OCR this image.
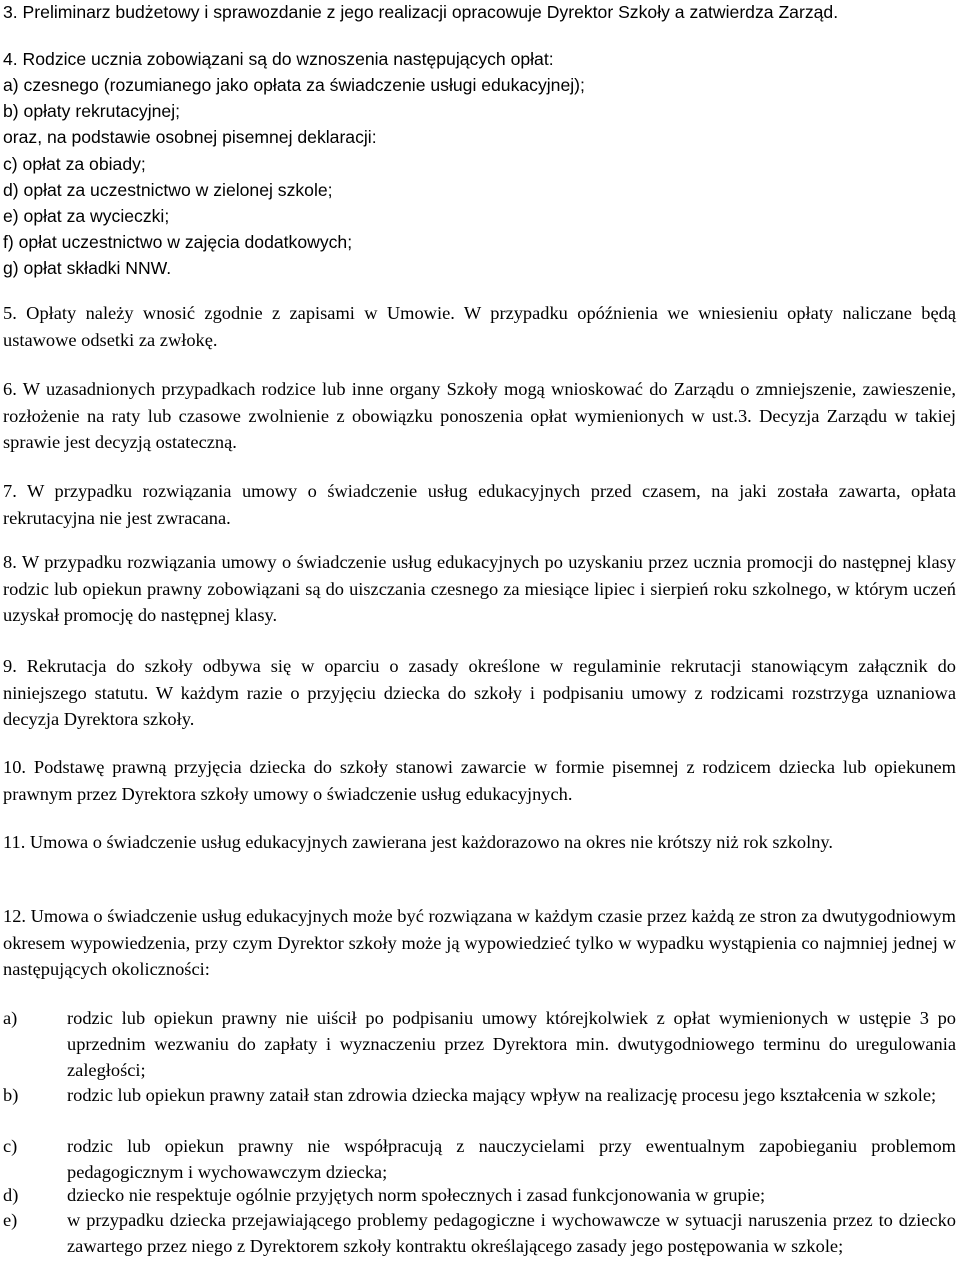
3. Preliminarz budżetowy i sprawozdanie z jego realizacji opracowuje Dyrektor Szkoły a zatwierdza Zarząd.
4. Rodzice ucznia zobowiązani są do wznoszenia następujących opłat:
a) czesnego (rozumianego jako opłata za świadczenie usługi edukacyjnej);
b) opłaty rekrutacyjnej;
oraz, na podstawie osobnej pisemnej deklaracji:
c) opłat za obiady;
d) opłat za uczestnictwo w zielonej szkole;
e) opłat za wycieczki;
f) opłat uczestnictwo w zajęcia dodatkowych;
g) opłat składki NNW.
5. Opłaty należy wnosić zgodnie z zapisami w Umowie. W przypadku opóźnienia we wniesieniu opłaty naliczane będą ustawowe odsetki za zwłokę.
6. W uzasadnionych przypadkach rodzice lub inne organy Szkoły mogą wnioskować do Zarządu o zmniejszenie, zawieszenie, rozłożenie na raty lub czasowe zwolnienie z obowiązku ponoszenia opłat wymienionych w ust.3. Decyzja Zarządu w takiej sprawie jest decyzją ostateczną.
7. W przypadku rozwiązania umowy o świadczenie usług edukacyjnych przed czasem, na jaki została zawarta, opłata rekrutacyjna nie jest zwracana.
8. W przypadku rozwiązania umowy o świadczenie usług edukacyjnych po uzyskaniu przez ucznia promocji do następnej klasy rodzic lub opiekun prawny zobowiązani są do uiszczania czesnego za miesiące lipiec i sierpień roku szkolnego, w którym uczeń uzyskał promocję do następnej klasy.
9. Rekrutacja do szkoły odbywa się w oparciu o zasady określone w regulaminie rekrutacji stanowiącym załącznik do niniejszego statutu. W każdym razie o przyjęciu dziecka do szkoły i podpisaniu umowy z rodzicami rozstrzyga uznaniowa decyzja Dyrektora szkoły.
10. Podstawę prawną przyjęcia dziecka do szkoły stanowi zawarcie w formie pisemnej z rodzicem dziecka lub opiekunem prawnym przez Dyrektora szkoły umowy o świadczenie usług edukacyjnych.
11. Umowa o świadczenie usług edukacyjnych zawierana jest każdorazowo na okres nie krótszy niż rok szkolny.
12. Umowa o świadczenie usług edukacyjnych może być rozwiązana w każdym czasie przez każdą ze stron za dwutygodniowym okresem wypowiedzenia, przy czym Dyrektor szkoły może ją wypowiedzieć tylko w wypadku wystąpienia co najmniej jednej w następujących okoliczności:
a)	rodzic lub opiekun prawny nie uiścił po podpisaniu umowy którejkolwiek z opłat wymienionych w ustępie 3 po uprzednim wezwaniu do zapłaty i wyznaczeniu przez Dyrektora min. dwutygodniowego terminu do uregulowania zaległości;
b)	rodzic lub opiekun prawny zataił stan zdrowia dziecka mający wpływ na realizację procesu jego kształcenia w szkole;
c)	rodzic lub opiekun prawny nie współpracują z nauczycielami przy ewentualnym zapobieganiu problemom pedagogicznym i wychowawczym dziecka;
d)	dziecko nie respektuje ogólnie przyjętych norm społecznych i zasad funkcjonowania w grupie;
e)	w przypadku dziecka przejawiającego problemy pedagogiczne i wychowawcze w sytuacji naruszenia przez to dziecko zawartego przez niego z Dyrektorem szkoły kontraktu określającego zasady jego postępowania w szkole;
